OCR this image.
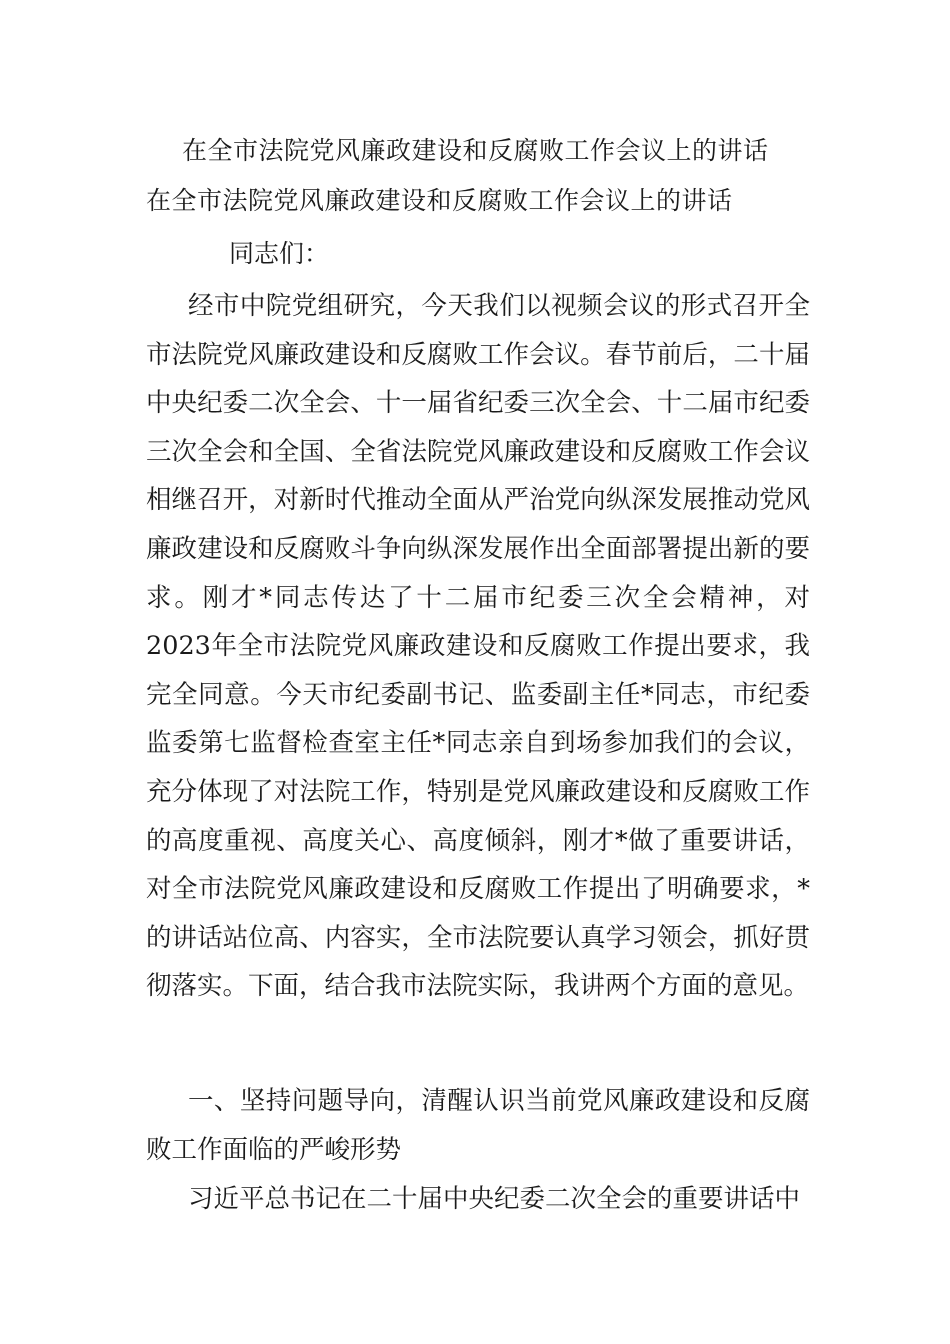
在全市法院党风廉政建设和反腐败工作会议上的讲话
在全市法院党风廉政建设和反腐败工作会议上的讲话
同志们：

经市中院党组研究，今天我们以视频会议的形式召开全市法院党风廉政建设和反腐败工作会议。春节前后，二十届中央纪委二次全会、十一届省纪委三次全会、十二届市纪委三次全会和全国、全省法院党风廉政建设和反腐败工作会议相继召开，对新时代推动全面从严治党向纵深发展推动党风廉政建设和反腐败斗争向纵深发展作出全面部署提出新的要求。刚才*同志传达了十二届市纪委三次全会精神，对2023年全市法院党风廉政建设和反腐败工作提出要求，我完全同意。今天市纪委副书记、监委副主任*同志，市纪委监委第七监督检查室主任*同志亲自到场参加我们的会议，充分体现了对法院工作，特别是党风廉政建设和反腐败工作的高度重视、高度关心、高度倾斜，刚才*做了重要讲话，对全市法院党风廉政建设和反腐败工作提出了明确要求，*的讲话站位高、内容实，全市法院要认真学习领会，抓好贯彻落实。下面，结合我市法院实际，我讲两个方面的意见。

一、坚持问题导向，清醒认识当前党风廉政建设和反腐败工作面临的严峻形势

习近平总书记在二十届中央纪委二次全会的重要讲话中
